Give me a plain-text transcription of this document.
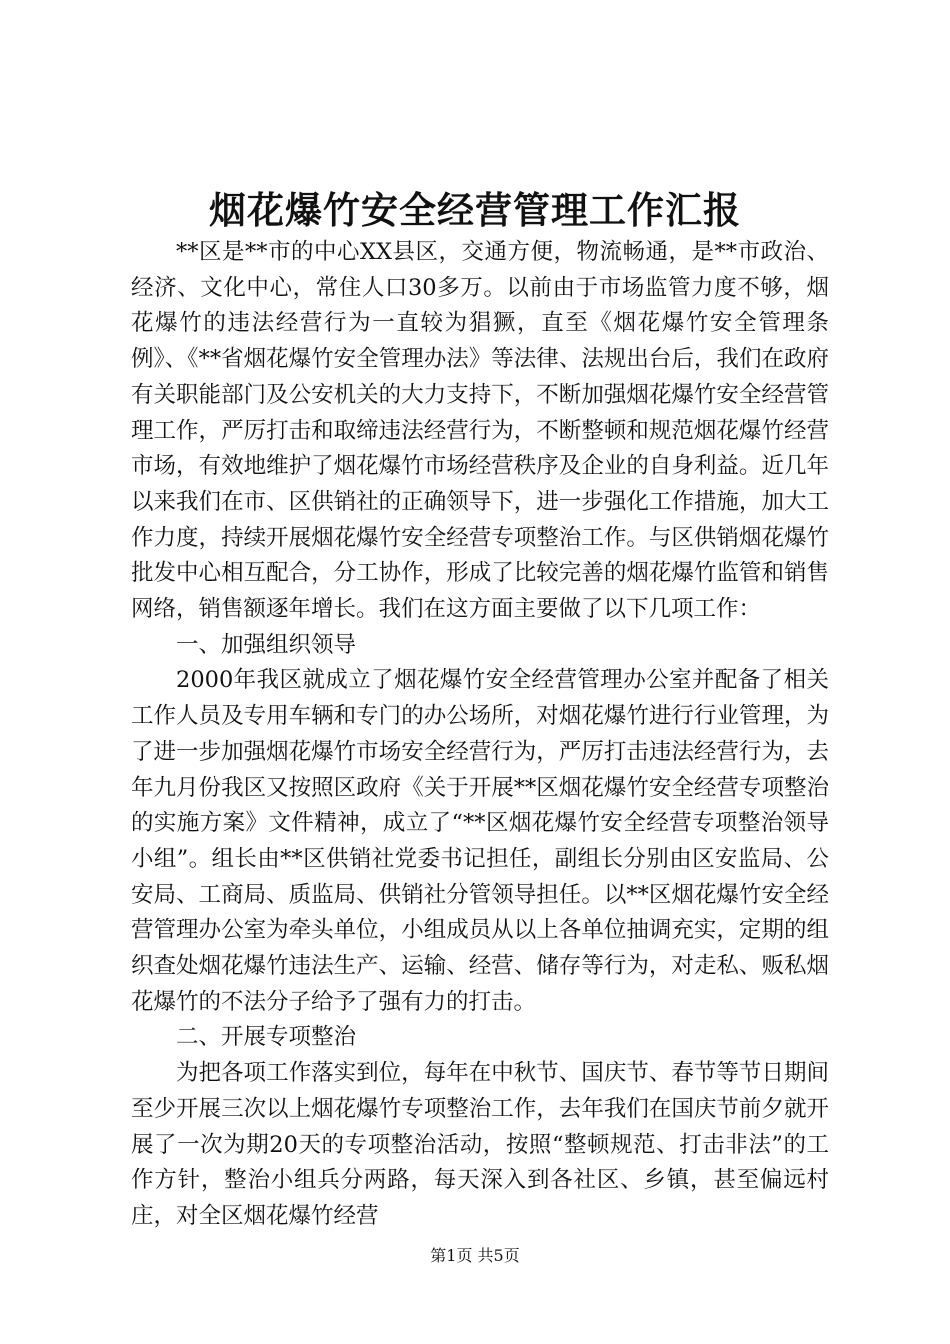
烟花爆竹安全经营管理工作汇报

**区是**市的中心XX县区，交通方便，物流畅通，是**市政治、经济、文化中心，常住人口30多万。以前由于市场监管力度不够，烟花爆竹的违法经营行为一直较为猖獗，直至《烟花爆竹安全管理条例》、《**省烟花爆竹安全管理办法》等法律、法规出台后，我们在政府有关职能部门及公安机关的大力支持下，不断加强烟花爆竹安全经营管理工作，严厉打击和取缔违法经营行为，不断整顿和规范烟花爆竹经营市场，有效地维护了烟花爆竹市场经营秩序及企业的自身利益。近几年以来我们在市、区供销社的正确领导下，进一步强化工作措施，加大工作力度，持续开展烟花爆竹安全经营专项整治工作。与区供销烟花爆竹批发中心相互配合，分工协作，形成了比较完善的烟花爆竹监管和销售网络，销售额逐年增长。我们在这方面主要做了以下几项工作：

一、加强组织领导

2000年我区就成立了烟花爆竹安全经营管理办公室并配备了相关工作人员及专用车辆和专门的办公场所，对烟花爆竹进行行业管理，为了进一步加强烟花爆竹市场安全经营行为，严厉打击违法经营行为，去年九月份我区又按照区政府《关于开展**区烟花爆竹安全经营专项整治的实施方案》文件精神，成立了“**区烟花爆竹安全经营专项整治领导小组”。组长由**区供销社党委书记担任，副组长分别由区安监局、公安局、工商局、质监局、供销社分管领导担任。以**区烟花爆竹安全经营管理办公室为牵头单位，小组成员从以上各单位抽调充实，定期的组织查处烟花爆竹违法生产、运输、经营、储存等行为，对走私、贩私烟花爆竹的不法分子给予了强有力的打击。

二、开展专项整治

为把各项工作落实到位，每年在中秋节、国庆节、春节等节日期间至少开展三次以上烟花爆竹专项整治工作，去年我们在国庆节前夕就开展了一次为期20天的专项整治活动，按照“整顿规范、打击非法”的工作方针，整治小组兵分两路，每天深入到各社区、乡镇，甚至偏远村庄，对全区烟花爆竹经营

第1页 共5页
